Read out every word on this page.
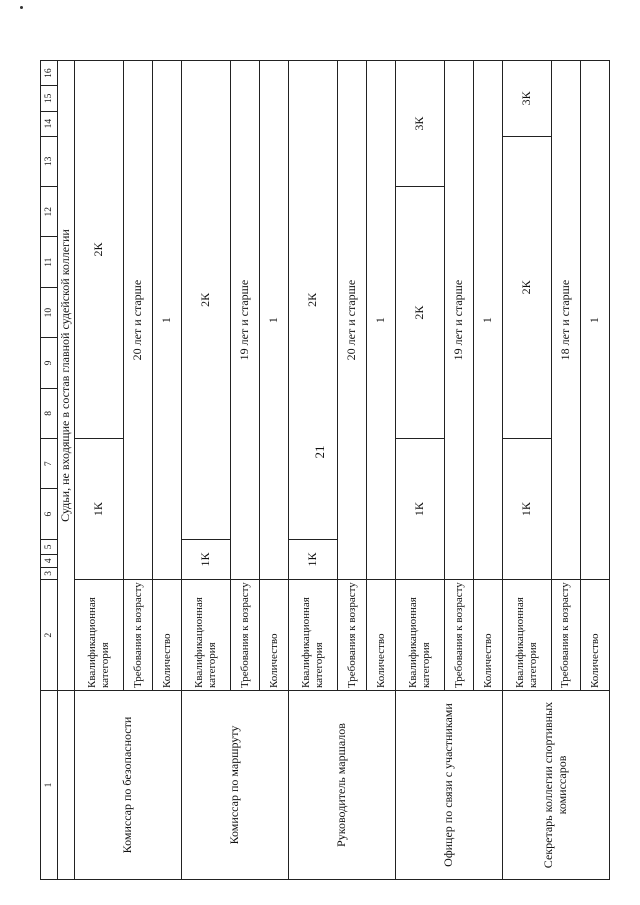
21
1	2	3	4	5	6	7	8	9	10	11	12	13	14	15	16
	Судьи, не входящие в состав главной судейской коллегии														
Комиссар по безопасности	Квалификационная категория	1К					2К								
	Требования к возрасту	20 лет и старше													
	Количество	1													
Комиссар по маршруту	Квалификационная категория	1К			2К										
	Требования к возрасту	19 лет и старше													
	Количество	1													
Руководитель маршалов	Квалификационная категория	1К			2К										
	Требования к возрасту	20 лет и старше													
	Количество	1													
Офицер по связи с участниками	Квалификационная категория	1К					2К					3К			
	Требования к возрасту	19 лет и старше													
	Количество	1													
Секретарь коллегии спортивных комиссаров	Квалификационная категория	1К					2К						3К		
	Требования к возрасту	18 лет и старше													
	Количество	1													
